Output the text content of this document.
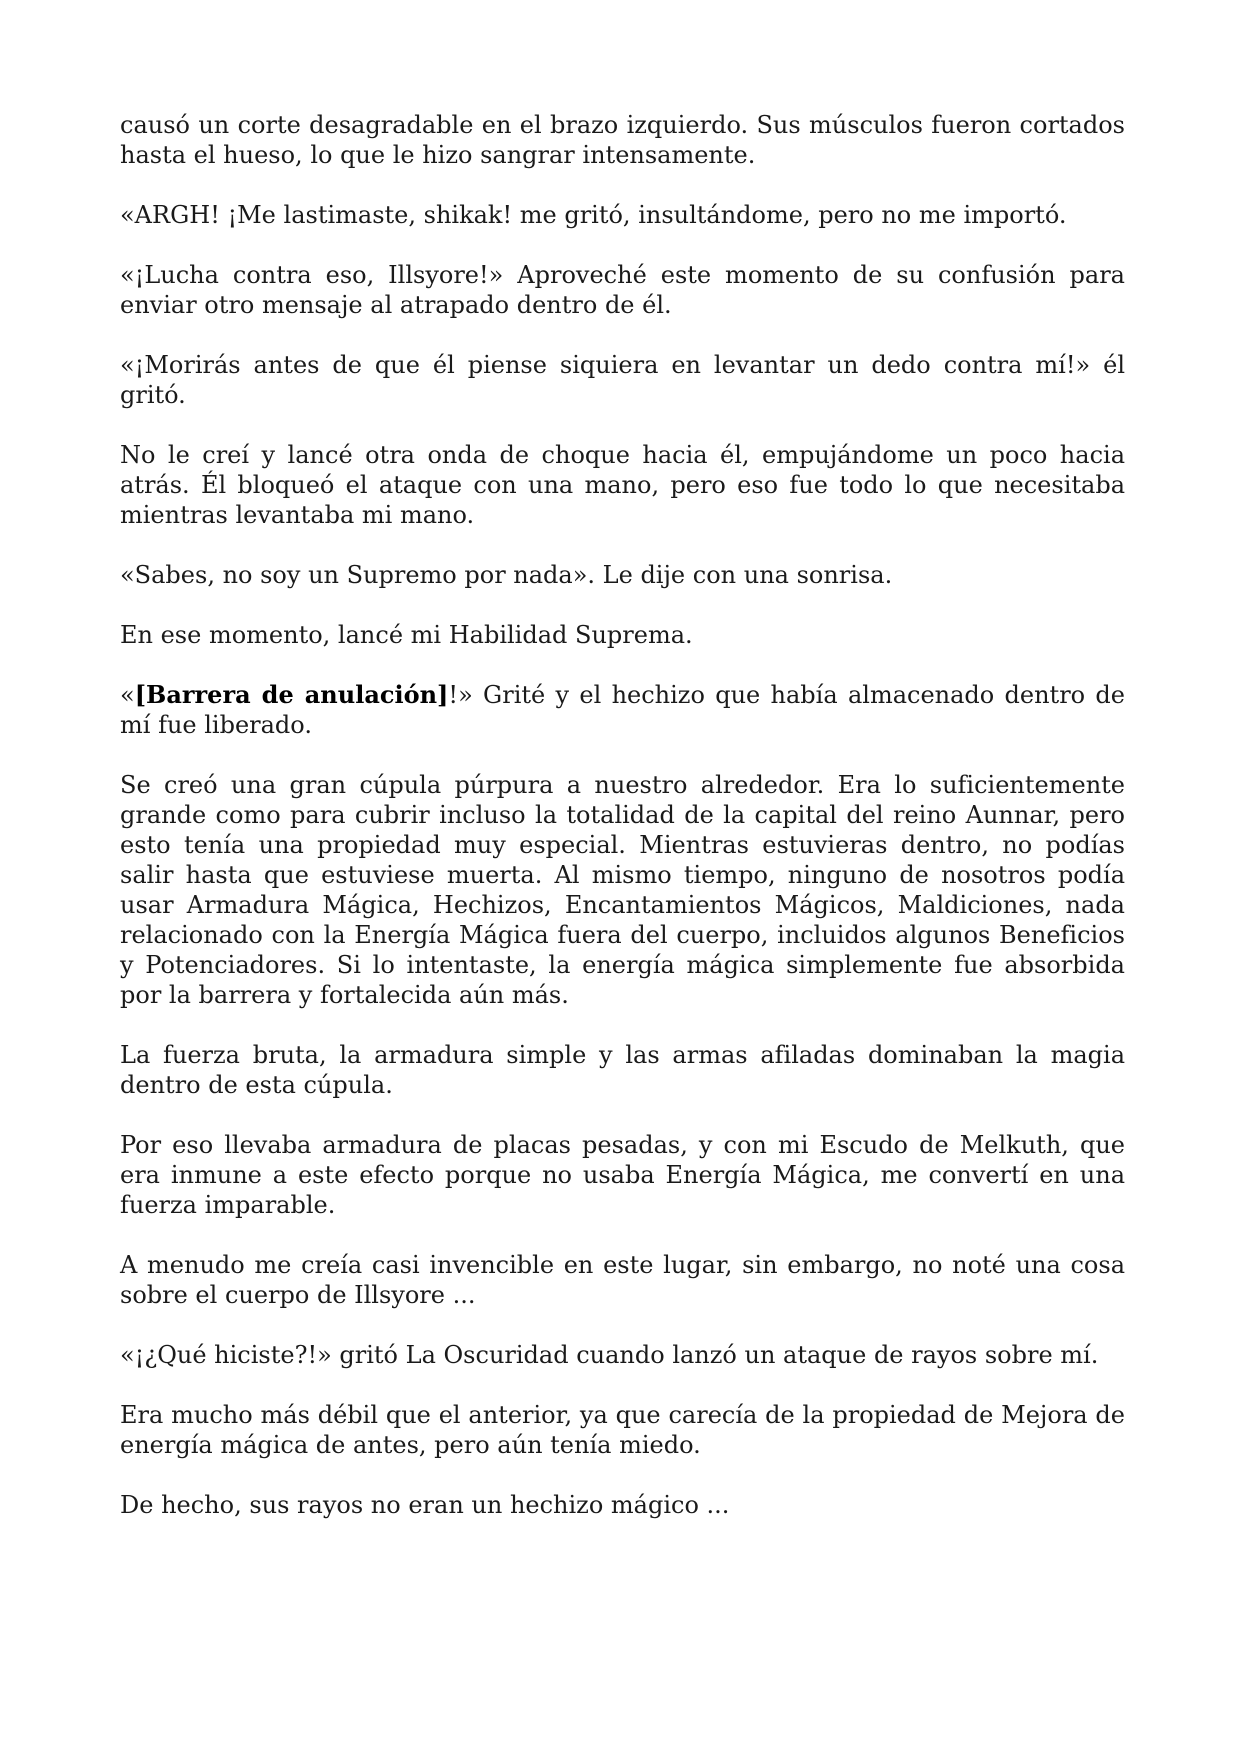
causó un corte desagradable en el brazo izquierdo. Sus músculos fueron cortados hasta el hueso, lo que le hizo sangrar intensamente.

«ARGH! ¡Me lastimaste, shikak! me gritó, insultándome, pero no me importó.

«¡Lucha contra eso, Illsyore!» Aproveché este momento de su confusión para enviar otro mensaje al atrapado dentro de él.

«¡Morirás antes de que él piense siquiera en levantar un dedo contra mí!» él gritó.

No le creí y lancé otra onda de choque hacia él, empujándome un poco hacia atrás. Él bloqueó el ataque con una mano, pero eso fue todo lo que necesitaba mientras levantaba mi mano.

«Sabes, no soy un Supremo por nada». Le dije con una sonrisa.

En ese momento, lancé mi Habilidad Suprema.

«[Barrera de anulación]!» Grité y el hechizo que había almacenado dentro de mí fue liberado.

Se creó una gran cúpula púrpura a nuestro alrededor. Era lo suficientemente grande como para cubrir incluso la totalidad de la capital del reino Aunnar, pero esto tenía una propiedad muy especial. Mientras estuvieras dentro, no podías salir hasta que estuviese muerta. Al mismo tiempo, ninguno de nosotros podía usar Armadura Mágica, Hechizos, Encantamientos Mágicos, Maldiciones, nada relacionado con la Energía Mágica fuera del cuerpo, incluidos algunos Beneficios y Potenciadores. Si lo intentaste, la energía mágica simplemente fue absorbida por la barrera y fortalecida aún más.

La fuerza bruta, la armadura simple y las armas afiladas dominaban la magia dentro de esta cúpula.

Por eso llevaba armadura de placas pesadas, y con mi Escudo de Melkuth, que era inmune a este efecto porque no usaba Energía Mágica, me convertí en una fuerza imparable.

A menudo me creía casi invencible en este lugar, sin embargo, no noté una cosa sobre el cuerpo de Illsyore ...

«¡¿Qué hiciste?!» gritó La Oscuridad cuando lanzó un ataque de rayos sobre mí.

Era mucho más débil que el anterior, ya que carecía de la propiedad de Mejora de energía mágica de antes, pero aún tenía miedo.

De hecho, sus rayos no eran un hechizo mágico ...
